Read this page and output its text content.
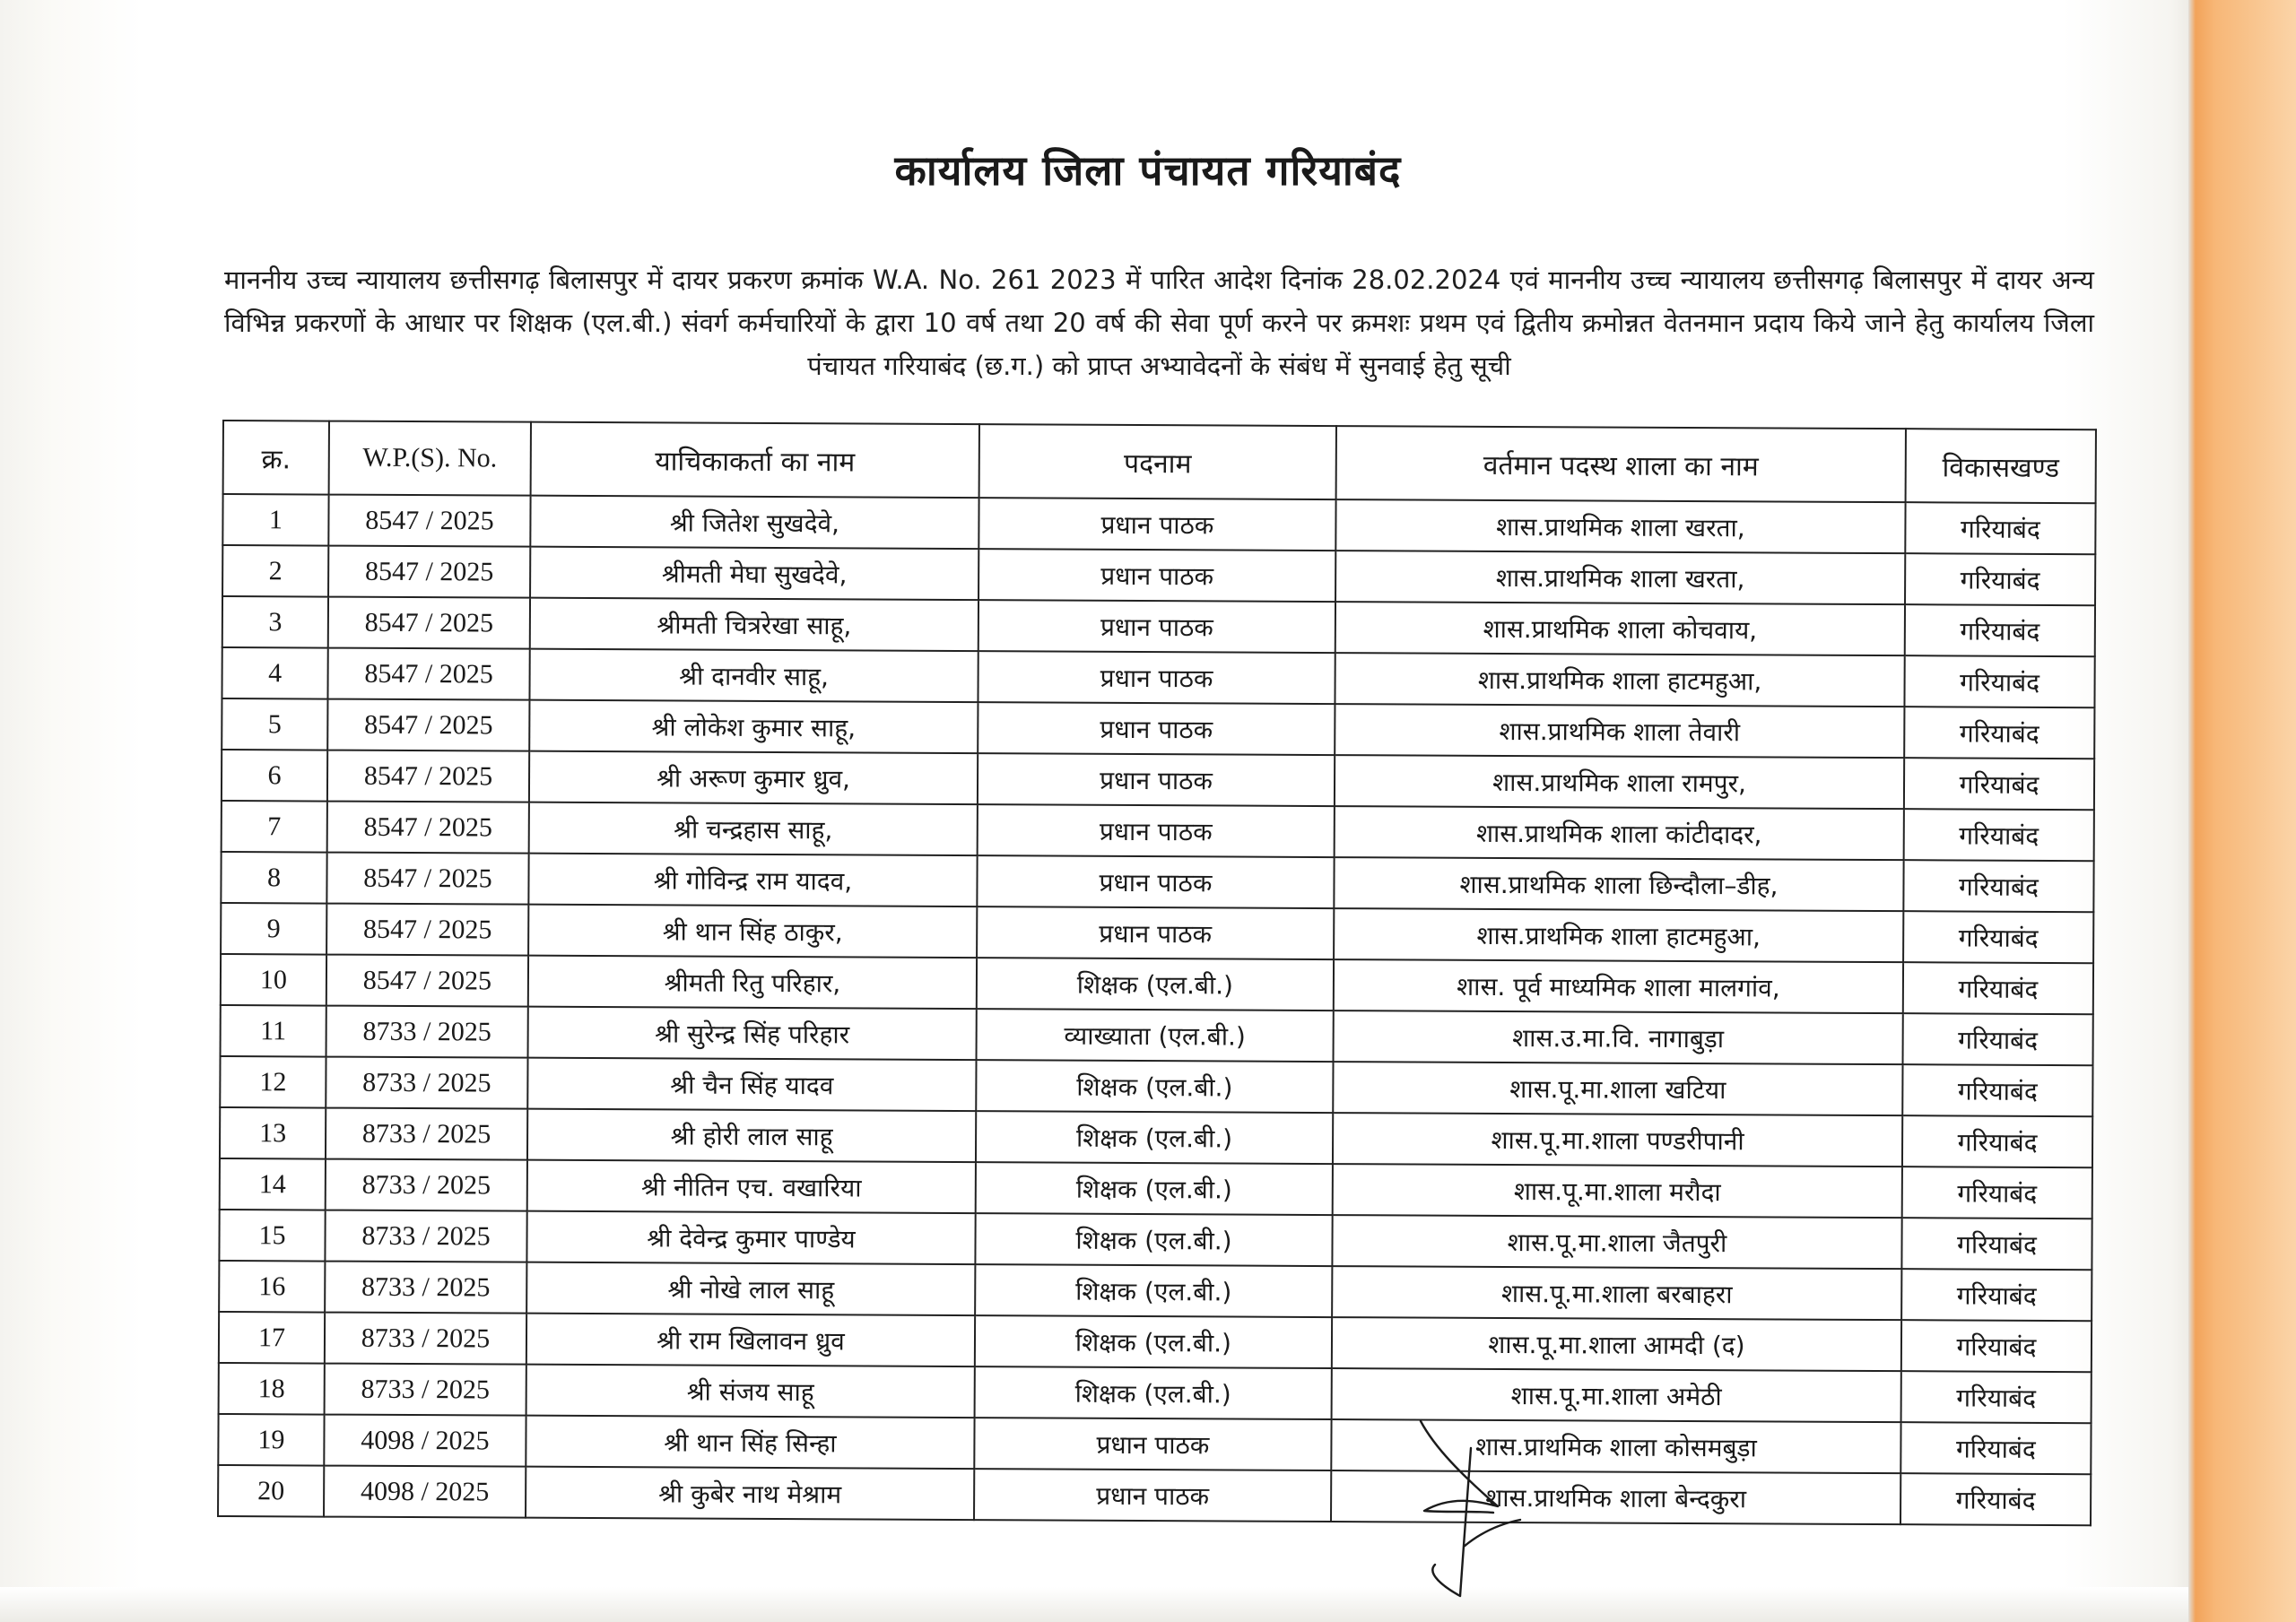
कार्यालय जिला पंचायत गरियाबंद
माननीय उच्च न्यायालय छत्तीसगढ़ बिलासपुर में दायर प्रकरण क्रमांक W.A. No. 261 2023 में पारित आदेश दिनांक 28.02.2024 एवं माननीय उच्च न्यायालय छत्तीसगढ़ बिलासपुर में दायर अन्य विभिन्न प्रकरणों के आधार पर शिक्षक (एल.बी.) संवर्ग कर्मचारियों के द्वारा 10 वर्ष तथा 20 वर्ष की सेवा पूर्ण करने पर क्रमशः प्रथम एवं द्वितीय क्रमोन्नत वेतनमान प्रदाय किये जाने हेतु कार्यालय जिला पंचायत गरियाबंद (छ.ग.) को प्राप्त अभ्यावेदनों के संबंध में सुनवाई हेतु सूची
क्र.	W.P.(S). No.	याचिकाकर्ता का नाम	पदनाम	वर्तमान पदस्थ शाला का नाम	विकासखण्ड
1	8547 / 2025	श्री जितेश सुखदेवे,	प्रधान पाठक	शास.प्राथमिक शाला खरता,	गरियाबंद
2	8547 / 2025	श्रीमती मेघा सुखदेवे,	प्रधान पाठक	शास.प्राथमिक शाला खरता,	गरियाबंद
3	8547 / 2025	श्रीमती चित्ररेखा साहू,	प्रधान पाठक	शास.प्राथमिक शाला कोचवाय,	गरियाबंद
4	8547 / 2025	श्री दानवीर साहू,	प्रधान पाठक	शास.प्राथमिक शाला हाटमहुआ,	गरियाबंद
5	8547 / 2025	श्री लोकेश कुमार साहू,	प्रधान पाठक	शास.प्राथमिक शाला तेवारी	गरियाबंद
6	8547 / 2025	श्री अरूण कुमार ध्रुव,	प्रधान पाठक	शास.प्राथमिक शाला रामपुर,	गरियाबंद
7	8547 / 2025	श्री चन्द्रहास साहू,	प्रधान पाठक	शास.प्राथमिक शाला कांटीदादर,	गरियाबंद
8	8547 / 2025	श्री गोविन्द्र राम यादव,	प्रधान पाठक	शास.प्राथमिक शाला छिन्दौला–डीह,	गरियाबंद
9	8547 / 2025	श्री थान सिंह ठाकुर,	प्रधान पाठक	शास.प्राथमिक शाला हाटमहुआ,	गरियाबंद
10	8547 / 2025	श्रीमती रितु परिहार,	शिक्षक (एल.बी.)	शास. पूर्व माध्यमिक शाला मालगांव,	गरियाबंद
11	8733 / 2025	श्री सुरेन्द्र सिंह परिहार	व्याख्याता (एल.बी.)	शास.उ.मा.वि. नागाबुड़ा	गरियाबंद
12	8733 / 2025	श्री चैन सिंह यादव	शिक्षक (एल.बी.)	शास.पू.मा.शाला खटिया	गरियाबंद
13	8733 / 2025	श्री होरी लाल साहू	शिक्षक (एल.बी.)	शास.पू.मा.शाला पण्डरीपानी	गरियाबंद
14	8733 / 2025	श्री नीतिन एच. वखारिया	शिक्षक (एल.बी.)	शास.पू.मा.शाला मरौदा	गरियाबंद
15	8733 / 2025	श्री देवेन्द्र कुमार पाण्डेय	शिक्षक (एल.बी.)	शास.पू.मा.शाला जैतपुरी	गरियाबंद
16	8733 / 2025	श्री नोखे लाल साहू	शिक्षक (एल.बी.)	शास.पू.मा.शाला बरबाहरा	गरियाबंद
17	8733 / 2025	श्री राम खिलावन ध्रुव	शिक्षक (एल.बी.)	शास.पू.मा.शाला आमदी (द)	गरियाबंद
18	8733 / 2025	श्री संजय साहू	शिक्षक (एल.बी.)	शास.पू.मा.शाला अमेठी	गरियाबंद
19	4098 / 2025	श्री थान सिंह सिन्हा	प्रधान पाठक	शास.प्राथमिक शाला कोसमबुड़ा	गरियाबंद
20	4098 / 2025	श्री कुबेर नाथ मेश्राम	प्रधान पाठक	शास.प्राथमिक शाला बेन्दकुरा	गरियाबंद
